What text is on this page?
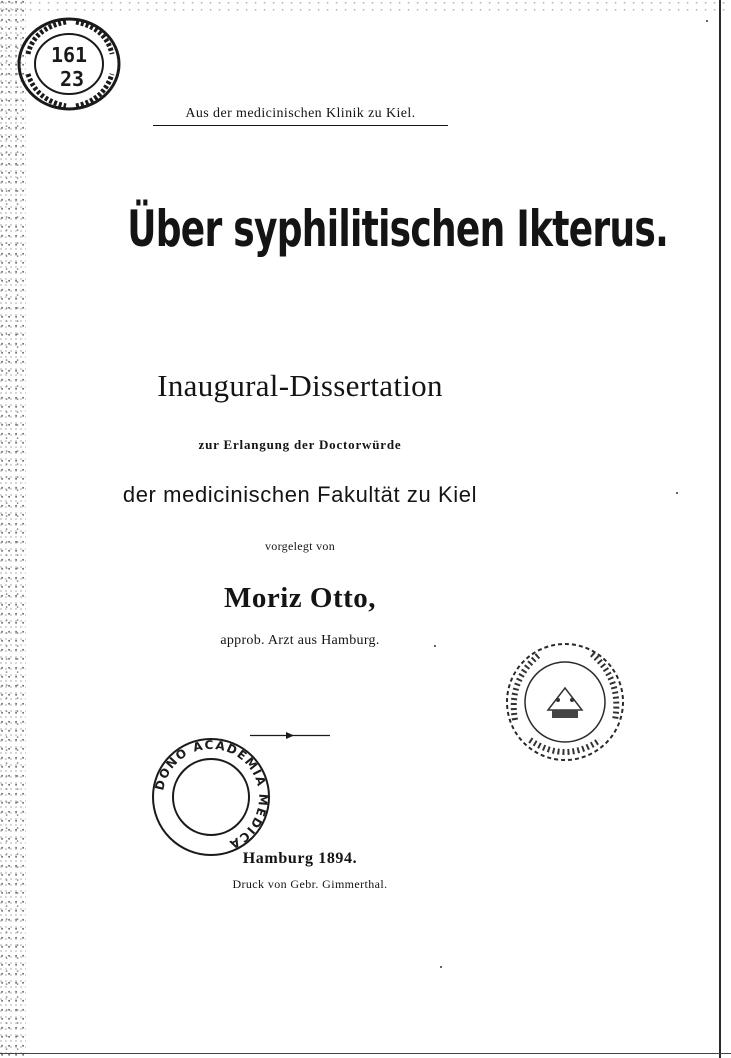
161
23
Aus der medicinischen Klinik zu Kiel.
Über syphilitischen Ikterus.
Inaugural-Dissertation
zur Erlangung der Doctorwürde
der medicinischen Fakultät zu Kiel
vorgelegt von
Moriz Otto,
approb. Arzt aus Hamburg.
DONO ACADEMIA MEDICA
Hamburg 1894.
Druck von Gebr. Gimmerthal.
